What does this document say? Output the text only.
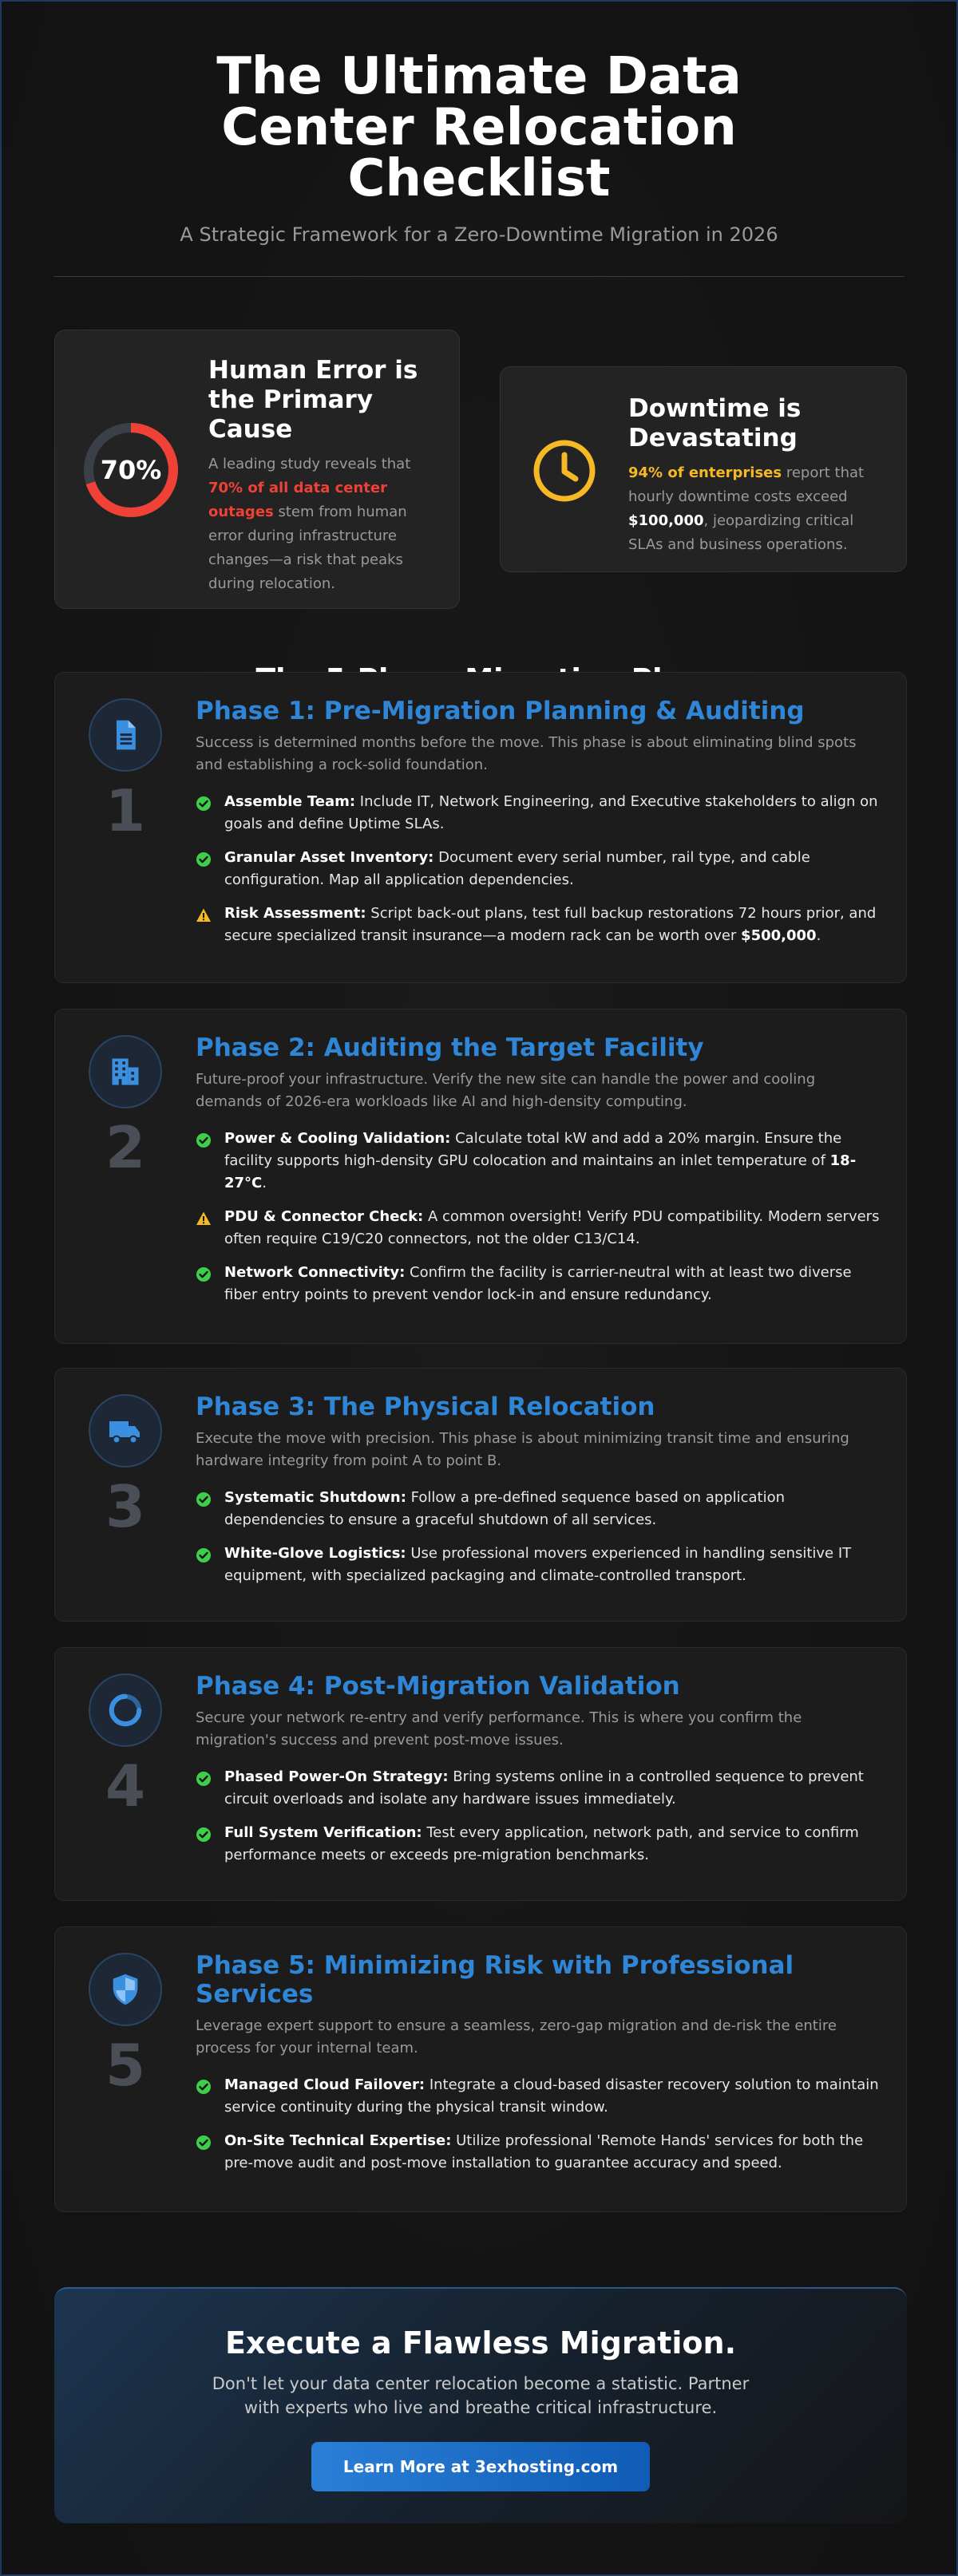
The Ultimate Data Center Relocation Checklist
A Strategic Framework for a Zero-Downtime Migration in 2026
70%
Human Error is the Primary Cause
A leading study reveals that 70% of all data center outages stem from human error during infrastructure changes—a risk that peaks during relocation.
Downtime is Devastating
94% of enterprises report that hourly downtime costs exceed $100,000, jeopardizing critical SLAs and business operations.
1
Phase 1: Pre-Migration Planning & Auditing
Success is determined months before the move. This phase is about eliminating blind spots and establishing a rock-solid foundation.
Assemble Team: Include IT, Network Engineering, and Executive stakeholders to align on goals and define Uptime SLAs.
Granular Asset Inventory: Document every serial number, rail type, and cable configuration. Map all application dependencies.
Risk Assessment: Script back-out plans, test full backup restorations 72 hours prior, and secure specialized transit insurance—a modern rack can be worth over $500,000.
2
Phase 2: Auditing the Target Facility
Future-proof your infrastructure. Verify the new site can handle the power and cooling demands of 2026-era workloads like AI and high-density computing.
Power & Cooling Validation: Calculate total kW and add a 20% margin. Ensure the facility supports high-density GPU colocation and maintains an inlet temperature of 18-27°C.
PDU & Connector Check: A common oversight! Verify PDU compatibility. Modern servers often require C19/C20 connectors, not the older C13/C14.
Network Connectivity: Confirm the facility is carrier-neutral with at least two diverse fiber entry points to prevent vendor lock-in and ensure redundancy.
3
Phase 3: The Physical Relocation
Execute the move with precision. This phase is about minimizing transit time and ensuring hardware integrity from point A to point B.
Systematic Shutdown: Follow a pre-defined sequence based on application dependencies to ensure a graceful shutdown of all services.
White-Glove Logistics: Use professional movers experienced in handling sensitive IT equipment, with specialized packaging and climate-controlled transport.
4
Phase 4: Post-Migration Validation
Secure your network re-entry and verify performance. This is where you confirm the migration's success and prevent post-move issues.
Phased Power-On Strategy: Bring systems online in a controlled sequence to prevent circuit overloads and isolate any hardware issues immediately.
Full System Verification: Test every application, network path, and service to confirm performance meets or exceeds pre-migration benchmarks.
5
Phase 5: Minimizing Risk with Professional Services
Leverage expert support to ensure a seamless, zero-gap migration and de-risk the entire process for your internal team.
Managed Cloud Failover: Integrate a cloud-based disaster recovery solution to maintain service continuity during the physical transit window.
On-Site Technical Expertise: Utilize professional 'Remote Hands' services for both the pre-move audit and post-move installation to guarantee accuracy and speed.
Execute a Flawless Migration.
Don't let your data center relocation become a statistic. Partner with experts who live and breathe critical infrastructure.
Learn More at 3exhosting.com
